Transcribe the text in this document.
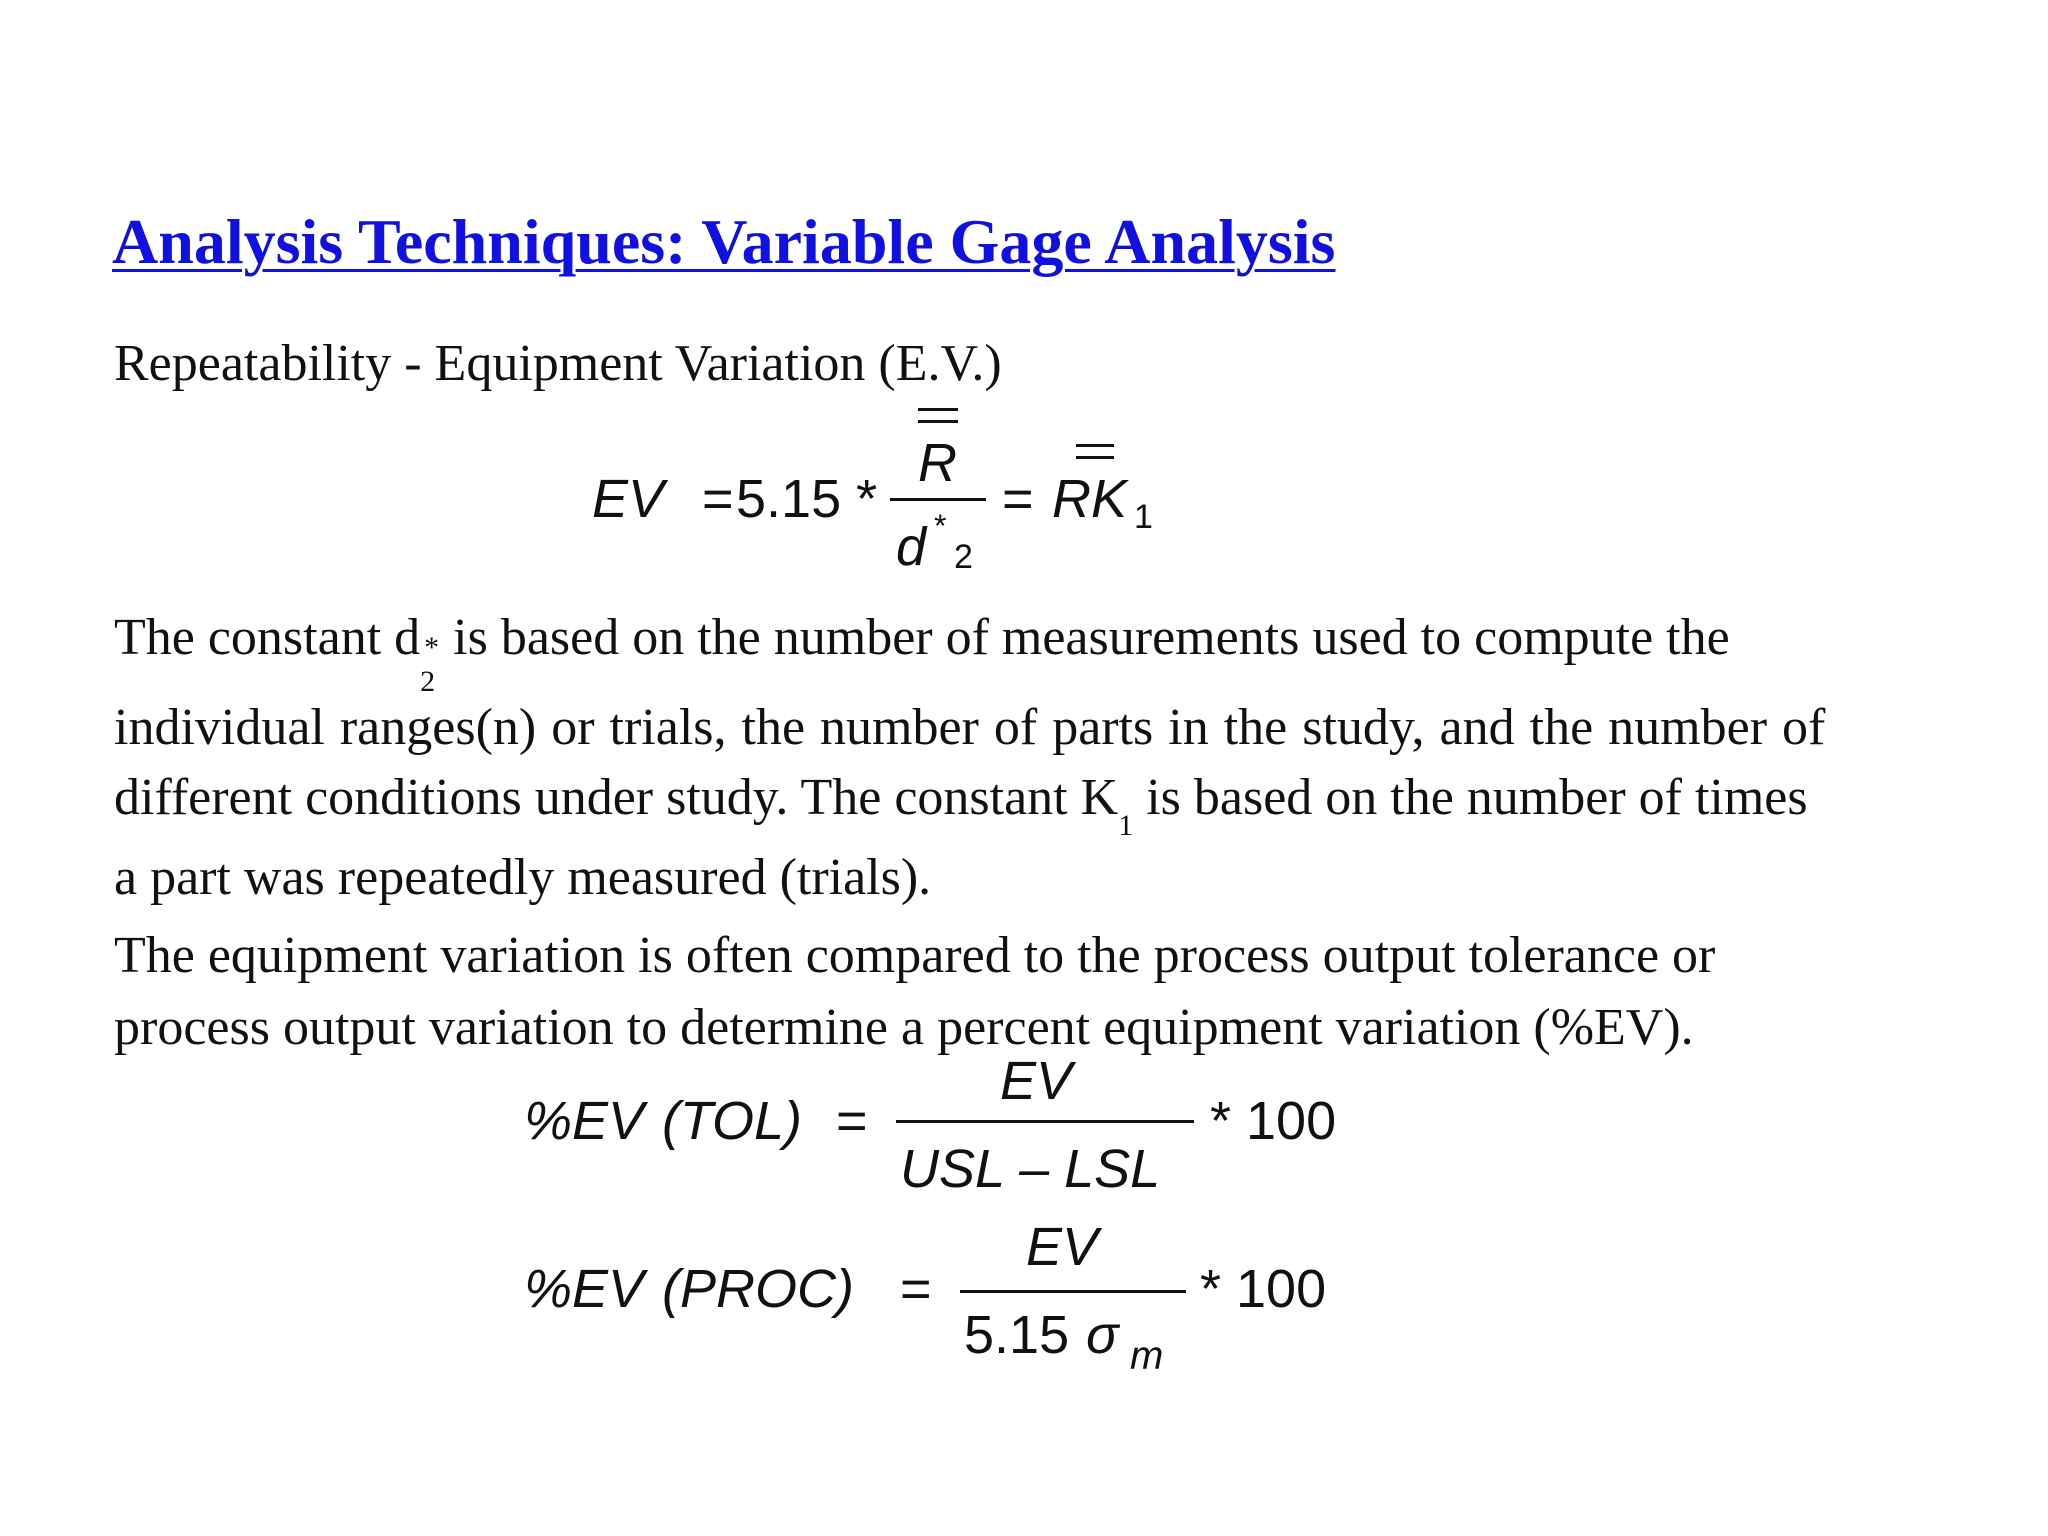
Analysis Techniques: Variable Gage Analysis
Repeatability - Equipment Variation (E.V.)
EV = 5.15 *
R
d *
2
= RK 1
The constant d
2
* is based on the number of measurements used to compute the
individual ranges(n) or trials, the number of parts in the study, and the number of
different conditions under study. The constant $K_1$ is based on the number of times
a part was repeatedly measured (trials).
The equipment variation is often compared to the process output tolerance or
process output variation to determine a percent equipment variation (%EV).
%EV (TOL) =
EV
USL – LSL
* 100
%EV (PROC) =
EV
5.15 σ m
* 100
